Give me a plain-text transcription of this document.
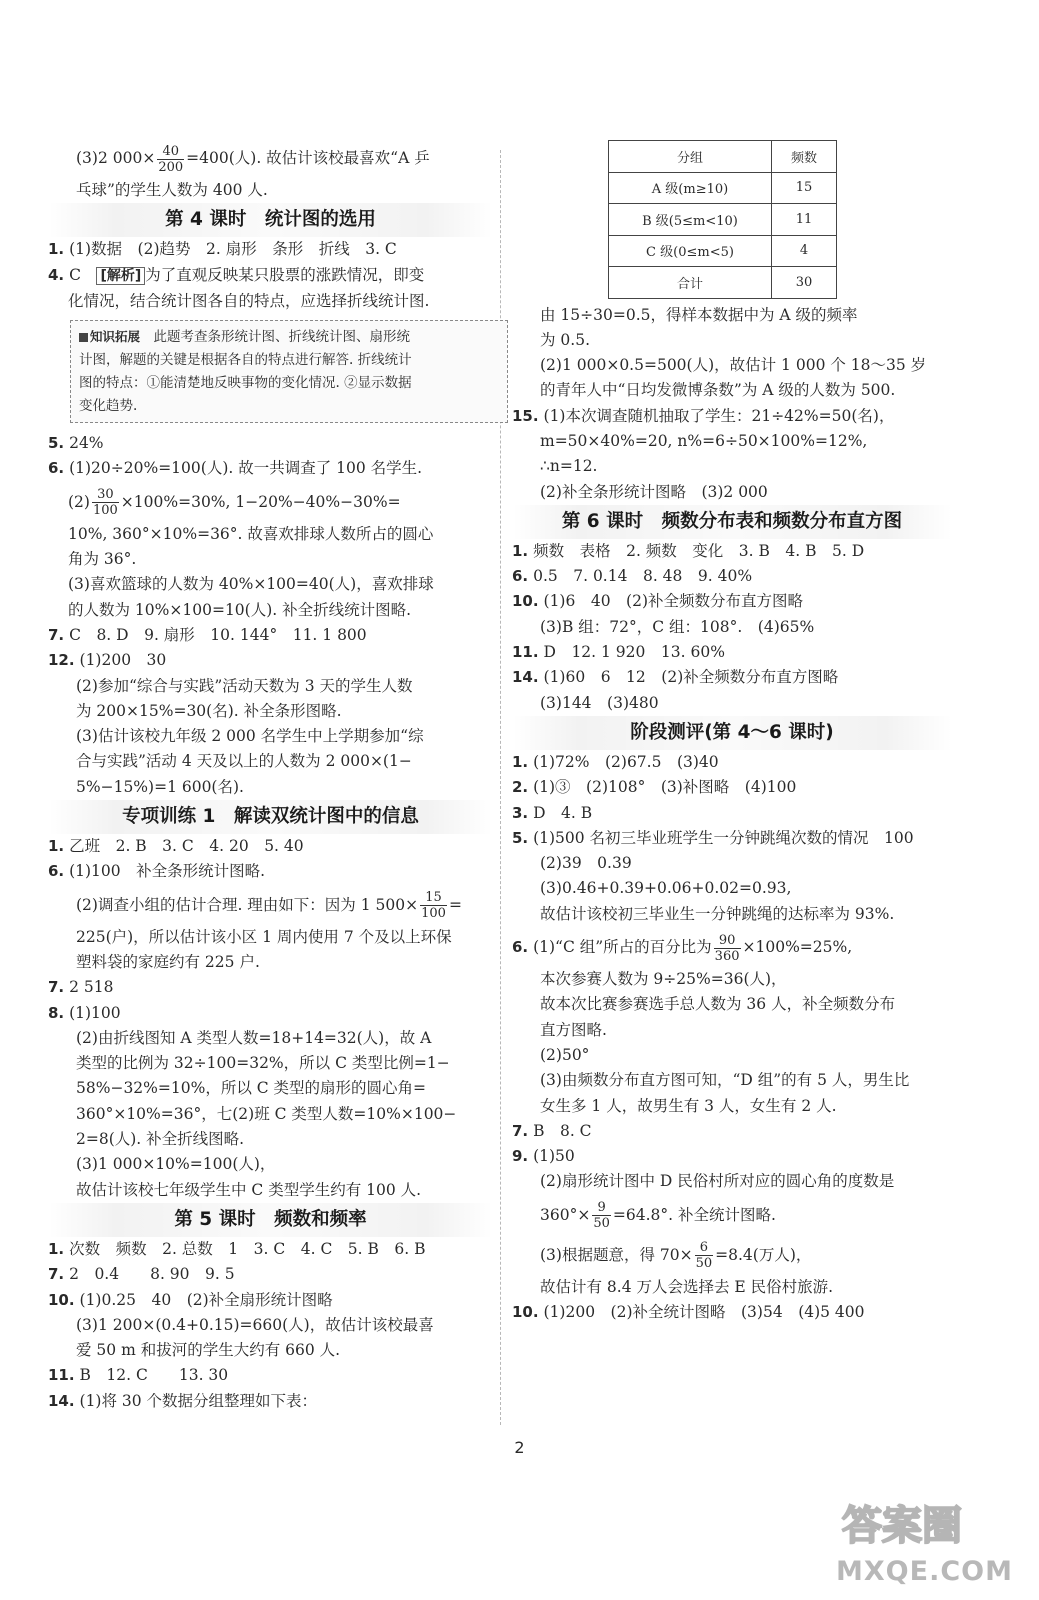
(3)2 $000\times \frac{40}{200} =400$(人). 故估计该校最喜欢“A 乒
乓球”的学生人数为 400 人.
第 4 课时　统计图的选用
1. (1)数据　(2)趋势　2. 扇形　条形　折线　3. C
4. C　[解析] 为了直观反映某只股票的涨跌情况，即变
化情况，结合统计图各自的特点，应选择折线统计图.
知识拓展　 此题考查条形统计图、折线统计图、扇形统
计图，解题的关键是根据各自的特点进行解答. 折线统计
图的特点：①能清楚地反映事物的变化情况. ②显示数据
变化趋势.
5. 24%
6. (1)20÷20%=100(人). 故一共调查了 100 名学生.
$(2) \frac{30}{100} \times 100\%=30\%$, 1−20%−40%−30%=
10%, 360°×10%=36°. 故喜欢排球人数所占的圆心
角为 36°.
(3)喜欢篮球的人数为 40%×100=40(人)，喜欢排球
的人数为 10%×100=10(人). 补全折线统计图略.
7. C　8. D　9. 扇形　10. 144°　11. 1 800
12. (1)200　30
(2)参加“综合与实践”活动天数为 3 天的学生人数
为 200×15%=30(名). 补全条形图略.
(3)估计该校九年级 2 000 名学生中上学期参加“综
合与实践”活动 4 天及以上的人数为 2 000×(1−
5%−15%)=1 600(名).
专项训练 1　解读双统计图中的信息
1. 乙班　2. B　3. C　4. 20　5. 40
6. (1)100　补全条形统计图略.
(2)调查小组的估计合理. 理由如下：因为 1 $500\times \frac{15}{100}$ =
225(户)，所以估计该小区 1 周内使用 7 个及以上环保
塑料袋的家庭约有 225 户.
7. 2 518
8. (1)100
(2)由折线图知 A 类型人数=18+14=32(人)，故 A
类型的比例为 32÷100=32%，所以 C 类型比例=1−
58%−32%=10%，所以 C 类型的扇形的圆心角=
360°×10%=36°，七(2)班 C 类型人数=10%×100−
2=8(人). 补全折线图略.
(3)1 000×10%=100(人)，
故估计该校七年级学生中 C 类型学生约有 100 人.
第 5 课时　频数和频率
1. 次数　频数　2. 总数　1　3. C　4. C　5. B　6. B
7. 2　0.4　　8. 90　9. 5
10. (1)0.25　40　(2)补全扇形统计图略
(3)1 200×(0.4+0.15)=660(人)，故估计该校最喜
爱 50 m 和拔河的学生大约有 660 人.
11. B　12. C　　13. 30
14. (1)将 30 个数据分组整理如下表：
分组	频数
A 级(m≥10)	15
B 级(5≤m<10)	11
C 级(0≤m<5)	4
合计	30
由 15÷30=0.5，得样本数据中为 A 级的频率
为 0.5.
(2)1 000×0.5=500(人)，故估计 1 000 个 18～35 岁
的青年人中“日均发微博条数”为 A 级的人数为 500.
15. (1)本次调查随机抽取了学生：21÷42%=50(名)，
m=50×40%=20, n%=6÷50×100%=12%,
∴n=12.
(2)补全条形统计图略　(3)2 000
第 6 课时　频数分布表和频数分布直方图
1. 频数　表格　2. 频数　变化　3. B　4. B　5. D
6. 0.5　7. 0.14　8. 48　9. 40%
10. (1)6　40　(2)补全频数分布直方图略
(3)B 组：72°，C 组：108°.　(4)65%
11. D　12. 1 920　13. 60%
14. (1)60　6　12　(2)补全频数分布直方图略
(3)144　(3)480
阶段测评(第 4～6 课时)
1. (1)72%　(2)67.5　(3)40
2. (1)③　(2)108°　(3)补图略　(4)100
3. D　4. B
5. (1)500 名初三毕业班学生一分钟跳绳次数的情况　100
(2)39　0.39
(3)0.46+0.39+0.06+0.02=0.93,
故估计该校初三毕业生一分钟跳绳的达标率为 93%.
6. (1)“C 组”所占的百分比为 $\frac{90}{360} \times 100\%=25\%$,
本次参赛人数为 9÷25%=36(人)，
故本次比赛参赛选手总人数为 36 人，补全频数分布
直方图略.
(2)50°
(3)由频数分布直方图可知，“D 组”的有 5 人，男生比
女生多 1 人，故男生有 3 人，女生有 2 人.
7. B　8. C
9. (1)50
(2)扇形统计图中 D 民俗村所对应的圆心角的度数是
$360^\circ\times \frac{9}{50} =64.8^\circ$. 补全统计图略.
(3)根据题意，得 $70\times \frac{6}{50} =8.4$(万人)，
故估计有 8.4 万人会选择去 E 民俗村旅游.
10. (1)200　(2)补全统计图略　(3)54　(4)5 400
2
答案圈
MXQE.COM
